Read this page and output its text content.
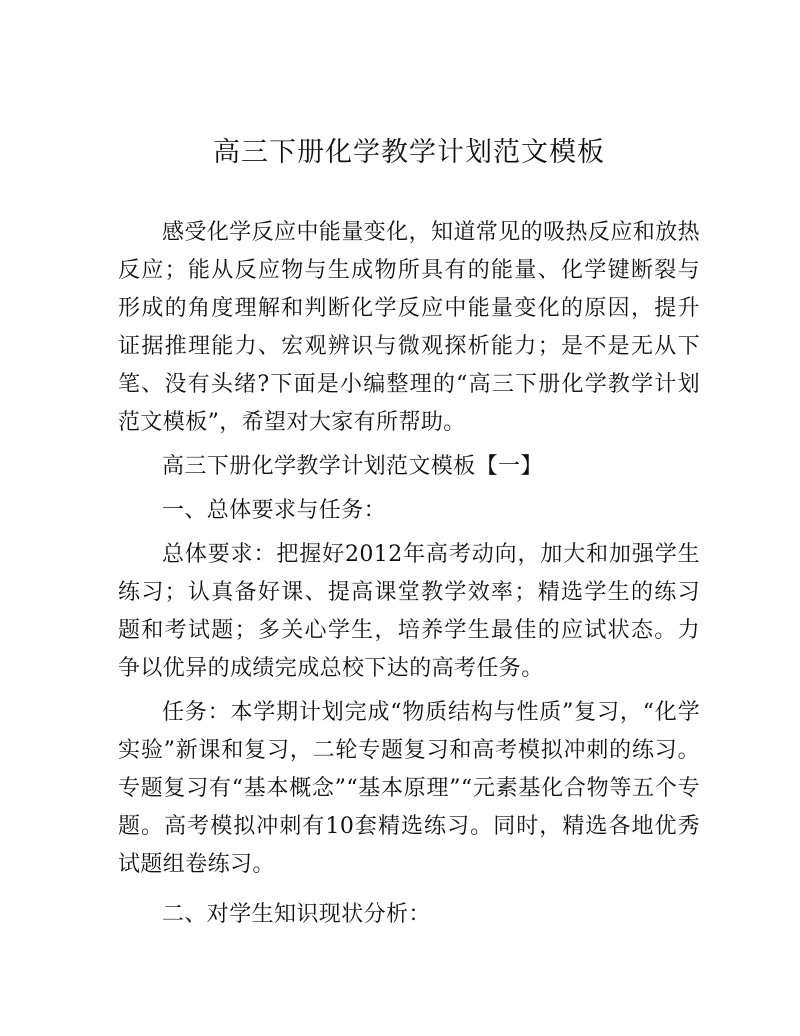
高三下册化学教学计划范文模板

感受化学反应中能量变化，知道常见的吸热反应和放热反应；能从反应物与生成物所具有的能量、化学键断裂与形成的角度理解和判断化学反应中能量变化的原因，提升证据推理能力、宏观辨识与微观探析能力；是不是无从下笔、没有头绪?下面是小编整理的“高三下册化学教学计划范文模板”，希望对大家有所帮助。

高三下册化学教学计划范文模板【一】

一、总体要求与任务：

总体要求：把握好2012年高考动向，加大和加强学生练习；认真备好课、提高课堂教学效率；精选学生的练习题和考试题；多关心学生，培养学生最佳的应试状态。力争以优异的成绩完成总校下达的高考任务。

任务：本学期计划完成“物质结构与性质”复习，“化学实验”新课和复习，二轮专题复习和高考模拟冲刺的练习。专题复习有“基本概念”“基本原理”“元素基化合物等五个专题。高考模拟冲刺有10套精选练习。同时，精选各地优秀试题组卷练习。

二、对学生知识现状分析：
